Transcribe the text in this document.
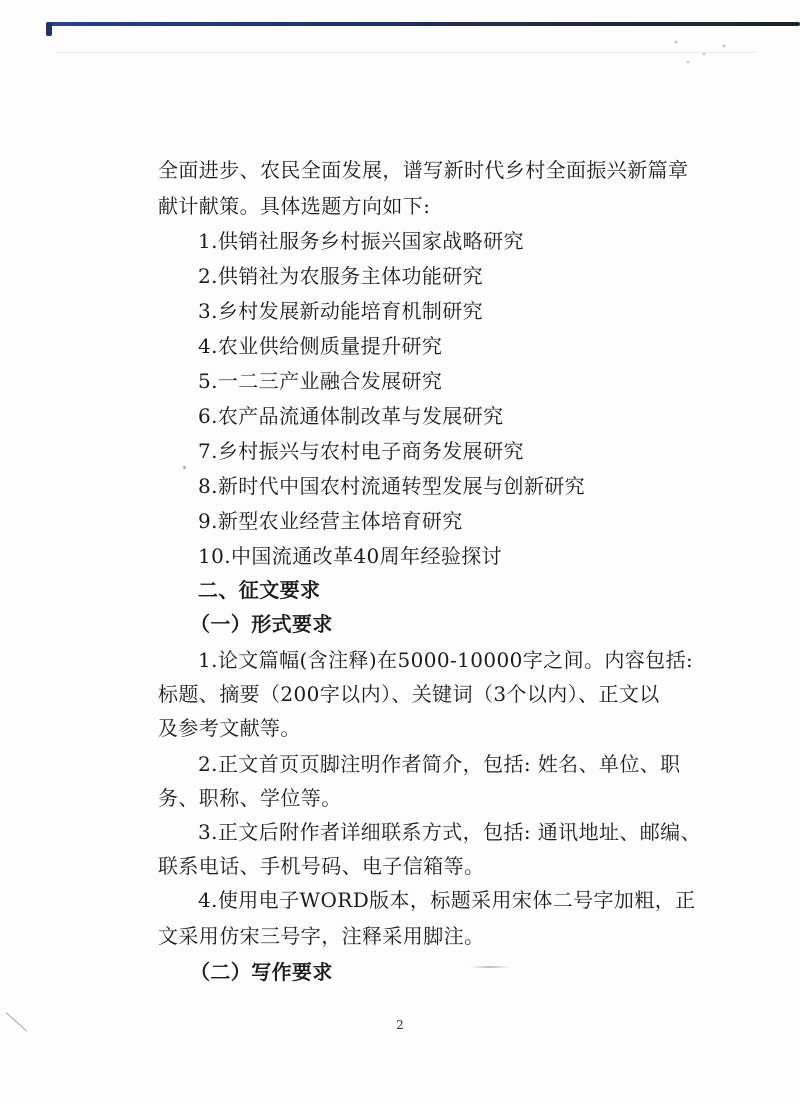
全面进步、农民全面发展，谱写新时代乡村全面振兴新篇章
献计献策。具体选题方向如下:
1.供销社服务乡村振兴国家战略研究
2.供销社为农服务主体功能研究
3.乡村发展新动能培育机制研究
4.农业供给侧质量提升研究
5.一二三产业融合发展研究
6.农产品流通体制改革与发展研究
7.乡村振兴与农村电子商务发展研究
8.新时代中国农村流通转型发展与创新研究
9.新型农业经营主体培育研究
10.中国流通改革40周年经验探讨
二、征文要求
（一）形式要求
1.论文篇幅(含注释)在5000-10000字之间。内容包括:
标题、摘要（200字以内）、关键词（3个以内）、正文以
及参考文献等。
2.正文首页页脚注明作者简介，包括: 姓名、单位、职
务、职称、学位等。
3.正文后附作者详细联系方式，包括: 通讯地址、邮编、
联系电话、手机号码、电子信箱等。
4.使用电子WORD版本，标题采用宋体二号字加粗，正
文采用仿宋三号字，注释采用脚注。
（二）写作要求
2
